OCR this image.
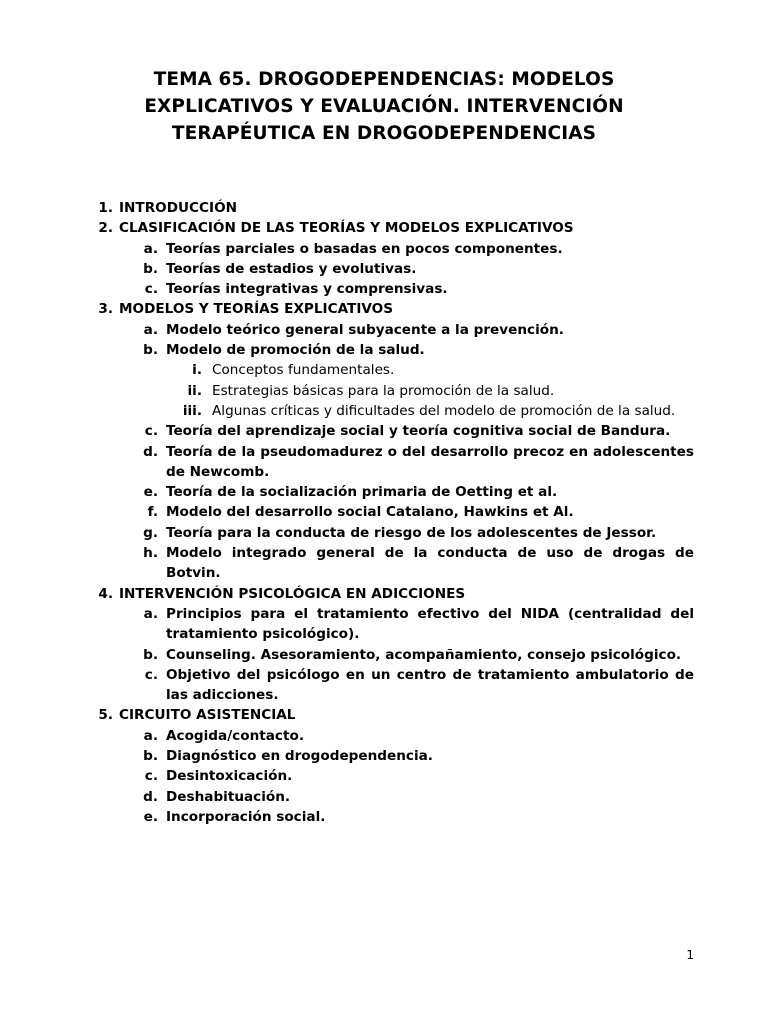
TEMA 65. DROGODEPENDENCIAS: MODELOS
EXPLICATIVOS Y EVALUACIÓN. INTERVENCIÓN
TERAPÉUTICA EN DROGODEPENDENCIAS
1. INTRODUCCIÓN
2. CLASIFICACIÓN DE LAS TEORÍAS Y MODELOS EXPLICATIVOS
a. Teorías parciales o basadas en pocos componentes.
b. Teorías de estadios y evolutivas.
c. Teorías integrativas y comprensivas.
3. MODELOS Y TEORÍAS EXPLICATIVOS
a. Modelo teórico general subyacente a la prevención.
b. Modelo de promoción de la salud.
i. Conceptos fundamentales.
ii. Estrategias básicas para la promoción de la salud.
iii. Algunas críticas y dificultades del modelo de promoción de la salud.
c. Teoría del aprendizaje social y teoría cognitiva social de Bandura.
d. Teoría de la pseudomadurez o del desarrollo precoz en adolescentes de Newcomb.
e. Teoría de la socialización primaria de Oetting et al.
f. Modelo del desarrollo social Catalano, Hawkins et Al.
g. Teoría para la conducta de riesgo de los adolescentes de Jessor.
h. Modelo integrado general de la conducta de uso de drogas de Botvin.
4. INTERVENCIÓN PSICOLÓGICA EN ADICCIONES
a. Principios para el tratamiento efectivo del NIDA (centralidad del tratamiento psicológico).
b. Counseling. Asesoramiento, acompañamiento, consejo psicológico.
c. Objetivo del psicólogo en un centro de tratamiento ambulatorio de las adicciones.
5. CIRCUITO ASISTENCIAL
a. Acogida/contacto.
b. Diagnóstico en drogodependencia.
c. Desintoxicación.
d. Deshabituación.
e. Incorporación social.
1
